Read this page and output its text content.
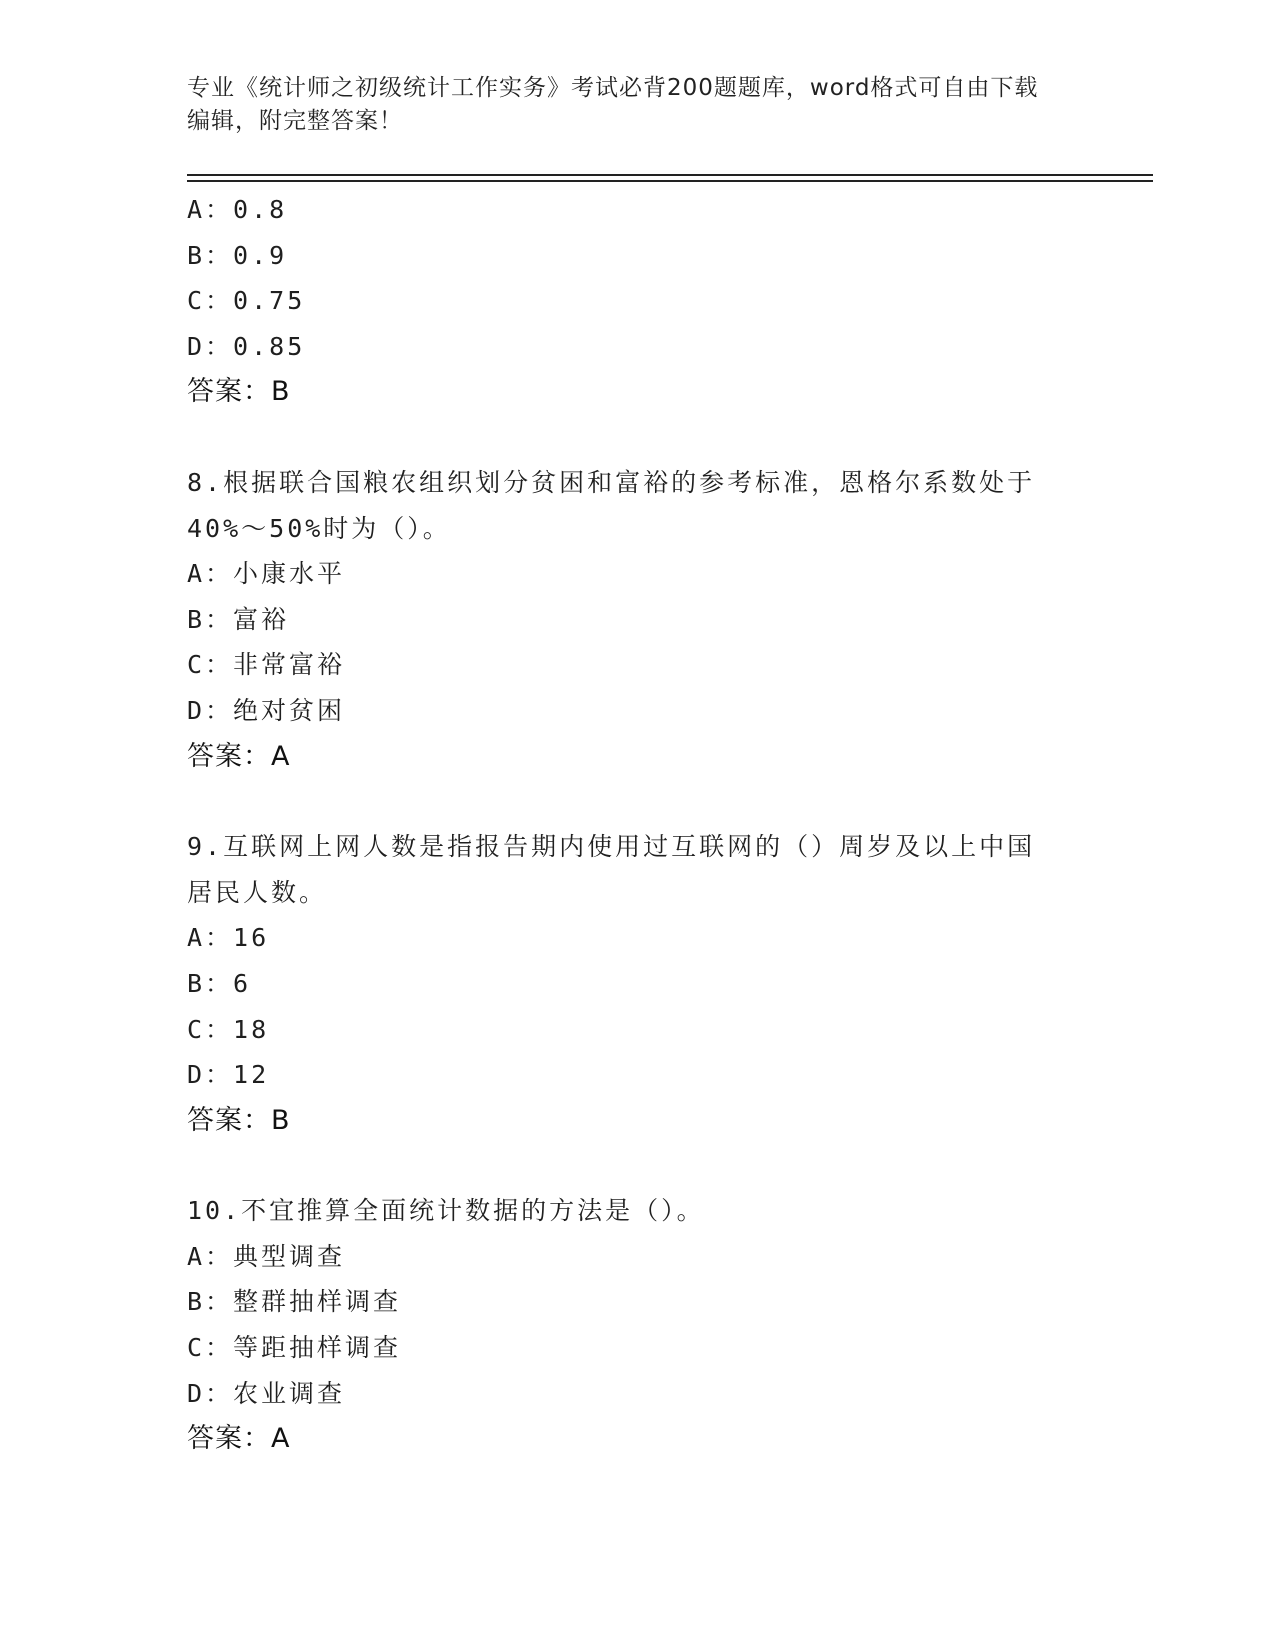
专业《统计师之初级统计工作实务》考试必背200题题库，word格式可自由下载
编辑，附完整答案！
A：0.8
B：0.9
C：0.75
D：0.85
答案：B
8.根据联合国粮农组织划分贫困和富裕的参考标准，恩格尔系数处于
40%～50%时为（）。
A：小康水平
B：富裕
C：非常富裕
D：绝对贫困
答案：A
9.互联网上网人数是指报告期内使用过互联网的（）周岁及以上中国
居民人数。
A：16
B：6
C：18
D：12
答案：B
10.不宜推算全面统计数据的方法是（）。
A：典型调查
B：整群抽样调查
C：等距抽样调查
D：农业调查
答案：A
